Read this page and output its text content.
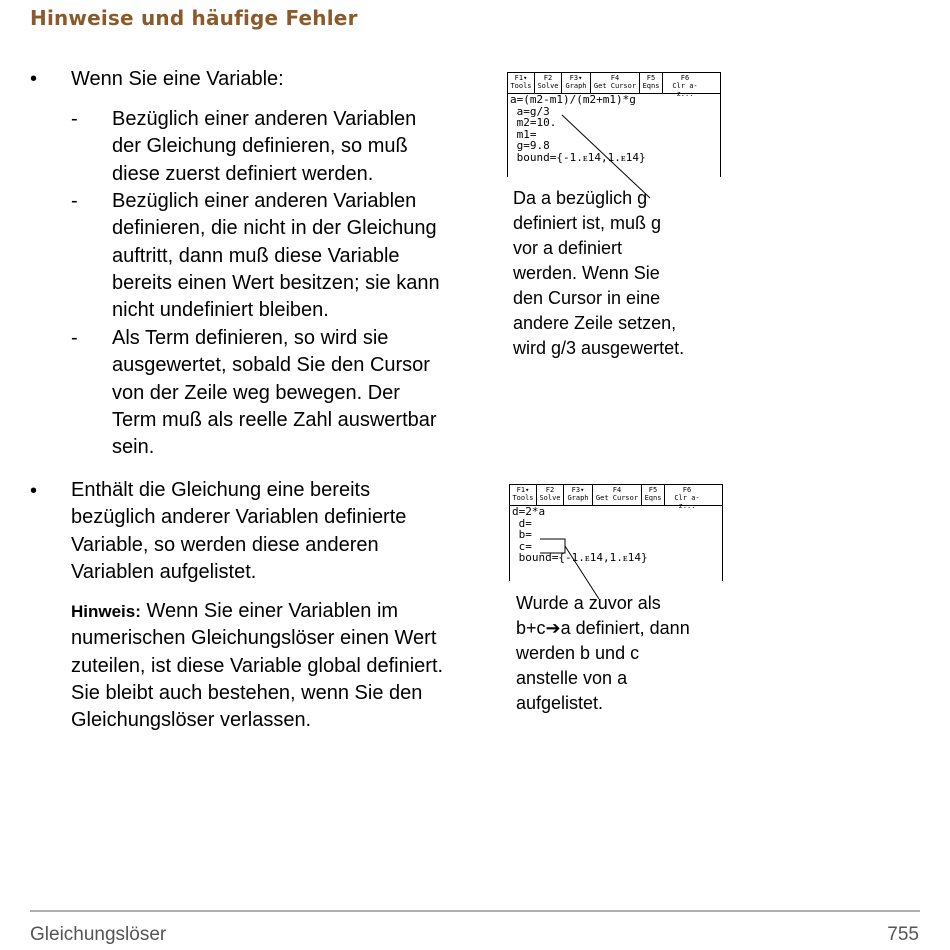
Hinweise und häufige Fehler
• Wenn Sie eine Variable:
- Bezüglich einer anderen Variablen
der Gleichung definieren, so muß
diese zuerst definiert werden.
- Bezüglich einer anderen Variablen
definieren, die nicht in der Gleichung
auftritt, dann muß diese Variable
bereits einen Wert besitzen; sie kann
nicht undefiniert bleiben.
- Als Term definieren, so wird sie
ausgewertet, sobald Sie den Cursor
von der Zeile weg bewegen. Der
Term muß als reelle Zahl auswertbar
sein.
• Enthält die Gleichung eine bereits
bezüglich anderer Variablen definierte
Variable, so werden diese anderen
Variablen aufgelistet.
Hinweis: Wenn Sie einer Variablen im
numerischen Gleichungslöser einen Wert
zuteilen, ist diese Variable global definiert.
Sie bleibt auch bestehen, wenn Sie den
Gleichungslöser verlassen.
F1▾
Tools
F2
Solve
F3▾
Graph
F4
Get Cursor
F5
Eqns
F6
Clr a-z...
a=(m2-m1)/(m2+m1)*g
a=g/3
m2=10.
m1=
g=9.8
bound={-1.ᴇ14,1.ᴇ14}
Da a bezüglich g
definiert ist, muß g
vor a definiert
werden. Wenn Sie
den Cursor in eine
andere Zeile setzen,
wird g/3 ausgewertet.
F1▾
Tools
F2
Solve
F3▾
Graph
F4
Get Cursor
F5
Eqns
F6
Clr a-z...
d=2*a
d=
b=
c=
bound={-1.ᴇ14,1.ᴇ14}
Wurde a zuvor als
b+c➔a definiert, dann
werden b und c
anstelle von a
aufgelistet.
Gleichungslöser	755
